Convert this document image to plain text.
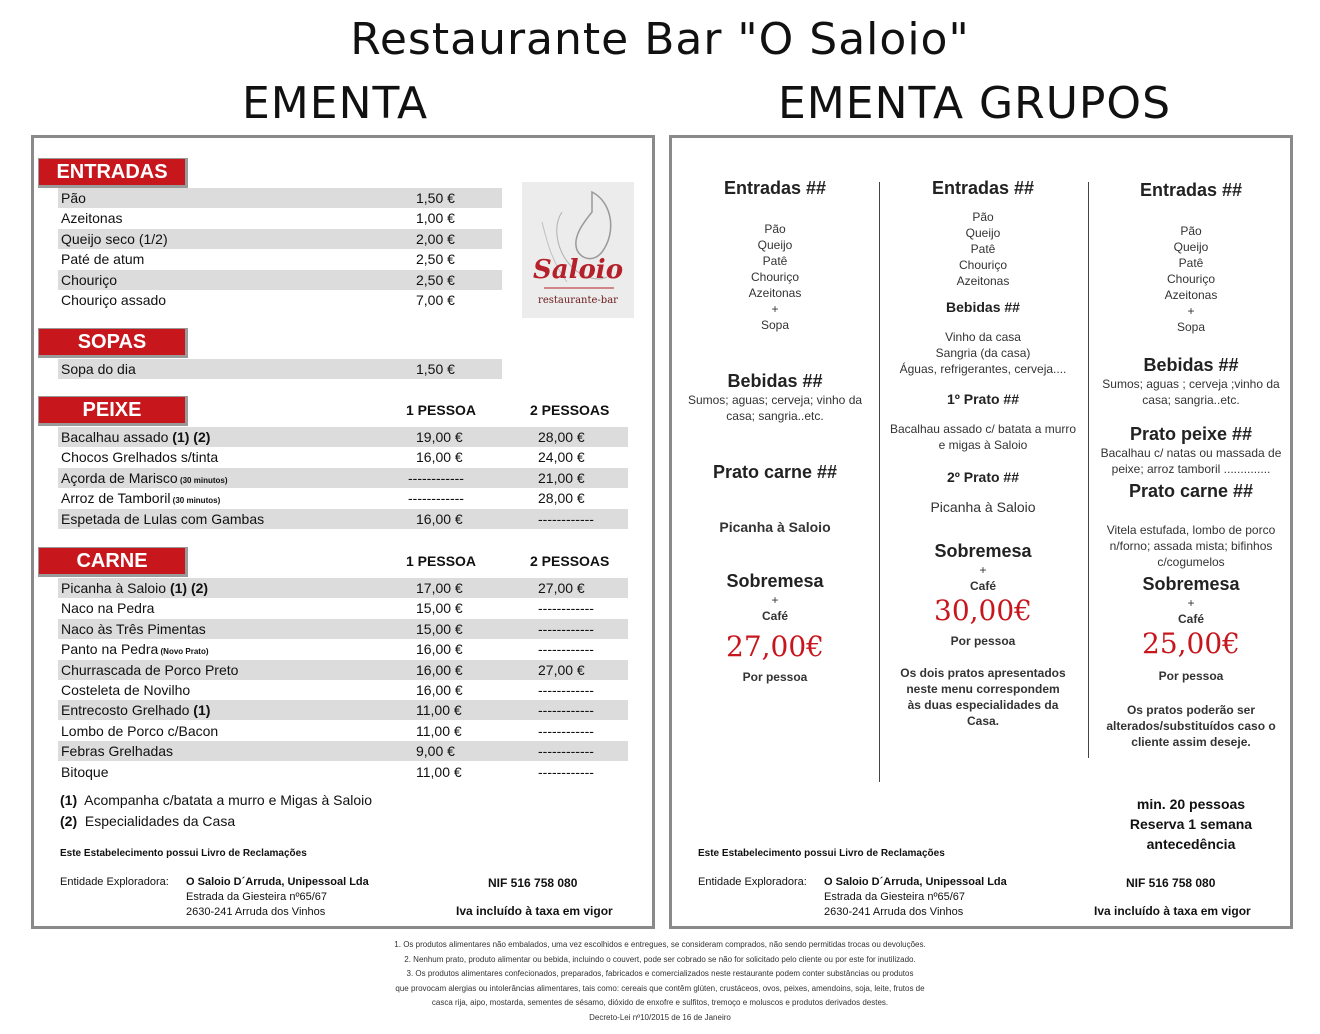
Restaurante Bar "O Saloio"
EMENTA	EMENTA GRUPOS
ENTRADAS
Pão	1,50 €
Azeitonas	1,00 €
Queijo seco (1/2)	2,00 €
Paté de atum	2,50 €
Chouriço	2,50 €
Chouriço assado	7,00 €
Saloio
restaurante-bar
SOPAS
Sopa do dia	1,50 €
PEIXE	1 PESSOA	2 PESSOAS
Bacalhau assado (1) (2)	19,00 €	28,00 €
Chocos Grelhados s/tinta	16,00 €	24,00 €
Açorda de Marisco (30 minutos)	------------	21,00 €
Arroz de Tamboril (30 minutos)	------------	28,00 €
Espetada de Lulas com Gambas	16,00 €	------------
CARNE	1 PESSOA	2 PESSOAS
Picanha à Saloio (1) (2)	17,00 €	27,00 €
Naco na Pedra	15,00 €	------------
Naco às Três Pimentas	15,00 €	------------
Panto na Pedra (Novo Prato)	16,00 €	------------
Churrascada de Porco Preto	16,00 €	27,00 €
Costeleta de Novilho	16,00 €	------------
Entrecosto Grelhado (1)	11,00 €	------------
Lombo de Porco c/Bacon	11,00 €	------------
Febras Grelhadas	9,00 €	------------
Bitoque	11,00 €	------------
(1) Acompanha c/batata a murro e Migas à Saloio
(2) Especialidades da Casa
Este Estabelecimento possui Livro de Reclamações
Entidade Exploradora: O Saloio D´Arruda, Unipessoal Lda
Estrada da Giesteira nº65/67
2630-241 Arruda dos Vinhos
NIF 516 758 080
Iva incluído à taxa em vigor
Entradas ##
Pão
Queijo
Patê
Chouriço
Azeitonas
+
Sopa
Bebidas ##
Sumos; aguas; cerveja; vinho da casa; sangria..etc.
Prato carne ##
Picanha à Saloio
Sobremesa
+
Café
27,00€
Por pessoa
Entradas ##
Pão
Queijo
Patê
Chouriço
Azeitonas
Bebidas ##
Vinho da casa
Sangria (da casa)
Águas, refrigerantes, cerveja....
1º Prato ##
Bacalhau assado c/ batata a murro
e migas à Saloio
2º Prato ##
Picanha à Saloio
Sobremesa
+
Café
30,00€
Por pessoa
Os dois pratos apresentados neste menu correspondem às duas especialidades da Casa.
Entradas ##
Pão
Queijo
Patê
Chouriço
Azeitonas
+
Sopa
Bebidas ##
Sumos; aguas ; cerveja ;vinho da casa; sangria..etc.
Prato peixe ##
Bacalhau c/ natas ou massada de peixe; arroz tamboril ..............
Prato carne ##
Vitela estufada, lombo de porco n/forno; assada mista; bifinhos c/cogumelos
Sobremesa
+
Café
25,00€
Por pessoa
Os pratos poderão ser alterados/substituídos caso o cliente assim deseje.
min. 20 pessoas
Reserva 1 semana
antecedência
Este Estabelecimento possui Livro de Reclamações
Entidade Exploradora: O Saloio D´Arruda, Unipessoal Lda
Estrada da Giesteira nº65/67
2630-241 Arruda dos Vinhos
NIF 516 758 080
Iva incluído à taxa em vigor
1. Os produtos alimentares não embalados, uma vez escolhidos e entregues, se consideram comprados, não sendo permitidas trocas ou devoluções.
2. Nenhum prato, produto alimentar ou bebida, incluindo o couvert, pode ser cobrado se não for solicitado pelo cliente ou por este for inutilizado.
3. Os produtos alimentares confecionados, preparados, fabricados e comercializados neste restaurante podem conter substâncias ou produtos
que provocam alergias ou intolerâncias alimentares, tais como: cereais que contêm glúten, crustáceos, ovos, peixes, amendoins, soja, leite, frutos de
casca rija, aipo, mostarda, sementes de sésamo, dióxido de enxofre e sulfitos, tremoço e moluscos e produtos derivados destes.
Decreto-Lei nº10/2015 de 16 de Janeiro
